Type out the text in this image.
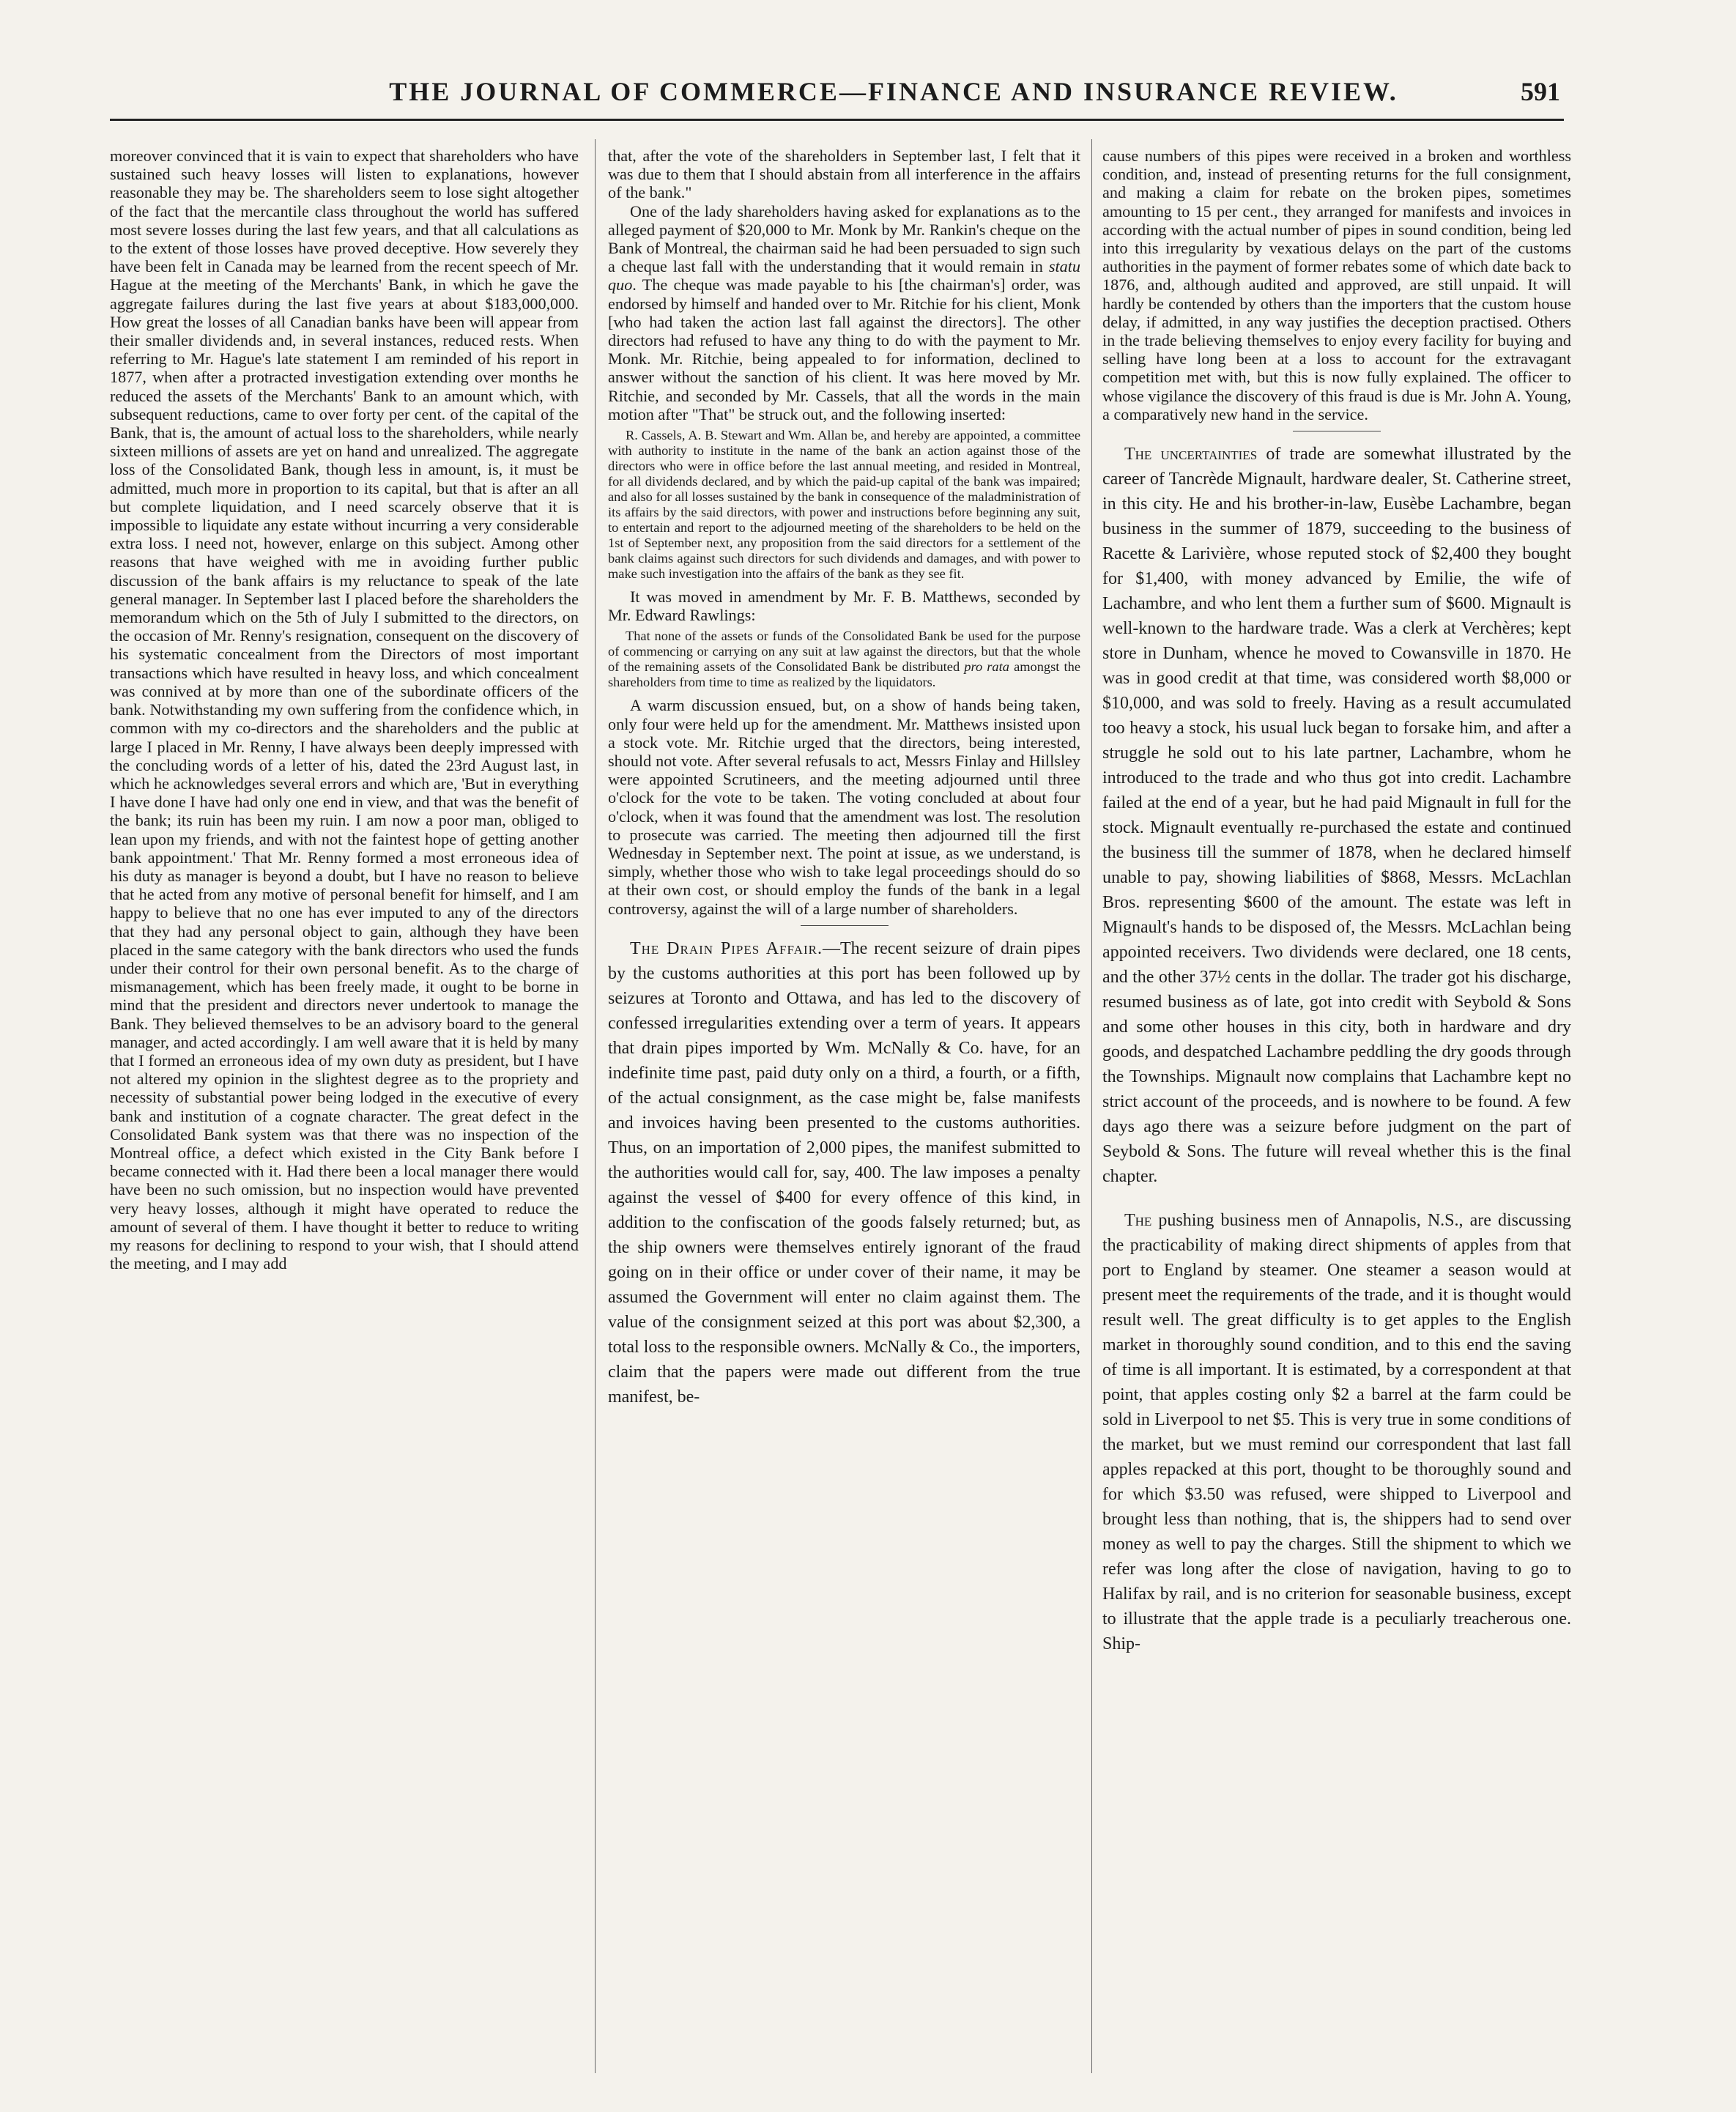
THE JOURNAL OF COMMERCE—FINANCE AND INSURANCE REVIEW.	591

moreover convinced that it is vain to expect that shareholders who have sustained such heavy losses will listen to explanations, however reasonable they may be. The shareholders seem to lose sight altogether of the fact that the mercantile class throughout the world has suffered most severe losses during the last few years, and that all calculations as to the extent of those losses have proved deceptive. How severely they have been felt in Canada may be learned from the recent speech of Mr. Hague at the meeting of the Merchants' Bank, in which he gave the aggregate failures during the last five years at about $183,000,000. How great the losses of all Canadian banks have been will appear from their smaller dividends and, in several instances, reduced rests. When referring to Mr. Hague's late statement I am reminded of his report in 1877, when after a protracted investigation extending over months he reduced the assets of the Merchants' Bank to an amount which, with subsequent reductions, came to over forty per cent. of the capital of the Bank, that is, the amount of actual loss to the shareholders, while nearly sixteen millions of assets are yet on hand and unrealized. The aggregate loss of the Consolidated Bank, though less in amount, is, it must be admitted, much more in proportion to its capital, but that is after an all but complete liquidation, and I need scarcely observe that it is impossible to liquidate any estate without incurring a very considerable extra loss. I need not, however, enlarge on this subject. Among other reasons that have weighed with me in avoiding further public discussion of the bank affairs is my reluctance to speak of the late general manager. In September last I placed before the shareholders the memorandum which on the 5th of July I submitted to the directors, on the occasion of Mr. Renny's resignation, consequent on the discovery of his systematic concealment from the Directors of most important transactions which have resulted in heavy loss, and which concealment was connived at by more than one of the subordinate officers of the bank. Notwithstanding my own suffering from the confidence which, in common with my co-directors and the shareholders and the public at large I placed in Mr. Renny, I have always been deeply impressed with the concluding words of a letter of his, dated the 23rd August last, in which he acknowledges several errors and which are, 'But in everything I have done I have had only one end in view, and that was the benefit of the bank; its ruin has been my ruin. I am now a poor man, obliged to lean upon my friends, and with not the faintest hope of getting another bank appointment.' That Mr. Renny formed a most erroneous idea of his duty as manager is beyond a doubt, but I have no reason to believe that he acted from any motive of personal benefit for himself, and I am happy to believe that no one has ever imputed to any of the directors that they had any personal object to gain, although they have been placed in the same category with the bank directors who used the funds under their control for their own personal benefit. As to the charge of mismanagement, which has been freely made, it ought to be borne in mind that the president and directors never undertook to manage the Bank. They believed themselves to be an advisory board to the general manager, and acted accordingly. I am well aware that it is held by many that I formed an erroneous idea of my own duty as president, but I have not altered my opinion in the slightest degree as to the propriety and necessity of substantial power being lodged in the executive of every bank and institution of a cognate character. The great defect in the Consolidated Bank system was that there was no inspection of the Montreal office, a defect which existed in the City Bank before I became connected with it. Had there been a local manager there would have been no such omission, but no inspection would have prevented very heavy losses, although it might have operated to reduce the amount of several of them. I have thought it better to reduce to writing my reasons for declining to respond to your wish, that I should attend the meeting, and I may add

that, after the vote of the shareholders in September last, I felt that it was due to them that I should abstain from all interference in the affairs of the bank."

One of the lady shareholders having asked for explanations as to the alleged payment of $20,000 to Mr. Monk by Mr. Rankin's cheque on the Bank of Montreal, the chairman said he had been persuaded to sign such a cheque last fall with the understanding that it would remain in statu quo. The cheque was made payable to his [the chairman's] order, was endorsed by himself and handed over to Mr. Ritchie for his client, Monk [who had taken the action last fall against the directors]. The other directors had refused to have any thing to do with the payment to Mr. Monk. Mr. Ritchie, being appealed to for information, declined to answer without the sanction of his client. It was here moved by Mr. Ritchie, and seconded by Mr. Cassels, that all the words in the main motion after "That" be struck out, and the following inserted:

R. Cassels, A. B. Stewart and Wm. Allan be, and hereby are appointed, a committee with authority to institute in the name of the bank an action against those of the directors who were in office before the last annual meeting, and resided in Montreal, for all dividends declared, and by which the paid-up capital of the bank was impaired; and also for all losses sustained by the bank in consequence of the maladministration of its affairs by the said directors, with power and instructions before beginning any suit, to entertain and report to the adjourned meeting of the shareholders to be held on the 1st of September next, any proposition from the said directors for a settlement of the bank claims against such directors for such dividends and damages, and with power to make such investigation into the affairs of the bank as they see fit.

It was moved in amendment by Mr. F. B. Matthews, seconded by Mr. Edward Rawlings:

That none of the assets or funds of the Consolidated Bank be used for the purpose of commencing or carrying on any suit at law against the directors, but that the whole of the remaining assets of the Consolidated Bank be distributed pro rata amongst the shareholders from time to time as realized by the liquidators.

A warm discussion ensued, but, on a show of hands being taken, only four were held up for the amendment. Mr. Matthews insisted upon a stock vote. Mr. Ritchie urged that the directors, being interested, should not vote. After several refusals to act, Messrs Finlay and Hillsley were appointed Scrutineers, and the meeting adjourned until three o'clock for the vote to be taken. The voting concluded at about four o'clock, when it was found that the amendment was lost. The resolution to prosecute was carried. The meeting then adjourned till the first Wednesday in September next. The point at issue, as we understand, is simply, whether those who wish to take legal proceedings should do so at their own cost, or should employ the funds of the bank in a legal controversy, against the will of a large number of shareholders.

The Drain Pipes Affair.—The recent seizure of drain pipes by the customs authorities at this port has been followed up by seizures at Toronto and Ottawa, and has led to the discovery of confessed irregularities extending over a term of years. It appears that drain pipes imported by Wm. McNally & Co. have, for an indefinite time past, paid duty only on a third, a fourth, or a fifth, of the actual consignment, as the case might be, false manifests and invoices having been presented to the customs authorities. Thus, on an importation of 2,000 pipes, the manifest submitted to the authorities would call for, say, 400. The law imposes a penalty against the vessel of $400 for every offence of this kind, in addition to the confiscation of the goods falsely returned; but, as the ship owners were themselves entirely ignorant of the fraud going on in their office or under cover of their name, it may be assumed the Government will enter no claim against them. The value of the consignment seized at this port was about $2,300, a total loss to the responsible owners. McNally & Co., the importers, claim that the papers were made out different from the true manifest, be-

cause numbers of this pipes were received in a broken and worthless condition, and, instead of presenting returns for the full consignment, and making a claim for rebate on the broken pipes, sometimes amounting to 15 per cent., they arranged for manifests and invoices in according with the actual number of pipes in sound condition, being led into this irregularity by vexatious delays on the part of the customs authorities in the payment of former rebates some of which date back to 1876, and, although audited and approved, are still unpaid. It will hardly be contended by others than the importers that the custom house delay, if admitted, in any way justifies the deception practised. Others in the trade believing themselves to enjoy every facility for buying and selling have long been at a loss to account for the extravagant competition met with, but this is now fully explained. The officer to whose vigilance the discovery of this fraud is due is Mr. John A. Young, a comparatively new hand in the service.

The uncertainties of trade are somewhat illustrated by the career of Tancrède Mignault, hardware dealer, St. Catherine street, in this city. He and his brother-in-law, Eusèbe Lachambre, began business in the summer of 1879, succeeding to the business of Racette & Larivière, whose reputed stock of $2,400 they bought for $1,400, with money advanced by Emilie, the wife of Lachambre, and who lent them a further sum of $600. Mignault is well-known to the hardware trade. Was a clerk at Verchères; kept store in Dunham, whence he moved to Cowansville in 1870. He was in good credit at that time, was considered worth $8,000 or $10,000, and was sold to freely. Having as a result accumulated too heavy a stock, his usual luck began to forsake him, and after a struggle he sold out to his late partner, Lachambre, whom he introduced to the trade and who thus got into credit. Lachambre failed at the end of a year, but he had paid Mignault in full for the stock. Mignault eventually re-purchased the estate and continued the business till the summer of 1878, when he declared himself unable to pay, showing liabilities of $868, Messrs. McLachlan Bros. representing $600 of the amount. The estate was left in Mignault's hands to be disposed of, the Messrs. McLachlan being appointed receivers. Two dividends were declared, one 18 cents, and the other 37½ cents in the dollar. The trader got his discharge, resumed business as of late, got into credit with Seybold & Sons and some other houses in this city, both in hardware and dry goods, and despatched Lachambre peddling the dry goods through the Townships. Mignault now complains that Lachambre kept no strict account of the proceeds, and is nowhere to be found. A few days ago there was a seizure before judgment on the part of Seybold & Sons. The future will reveal whether this is the final chapter.

The pushing business men of Annapolis, N.S., are discussing the practicability of making direct shipments of apples from that port to England by steamer. One steamer a season would at present meet the requirements of the trade, and it is thought would result well. The great difficulty is to get apples to the English market in thoroughly sound condition, and to this end the saving of time is all important. It is estimated, by a correspondent at that point, that apples costing only $2 a barrel at the farm could be sold in Liverpool to net $5. This is very true in some conditions of the market, but we must remind our correspondent that last fall apples repacked at this port, thought to be thoroughly sound and for which $3.50 was refused, were shipped to Liverpool and brought less than nothing, that is, the shippers had to send over money as well to pay the charges. Still the shipment to which we refer was long after the close of navigation, having to go to Halifax by rail, and is no criterion for seasonable business, except to illustrate that the apple trade is a peculiarly treacherous one. Ship-
